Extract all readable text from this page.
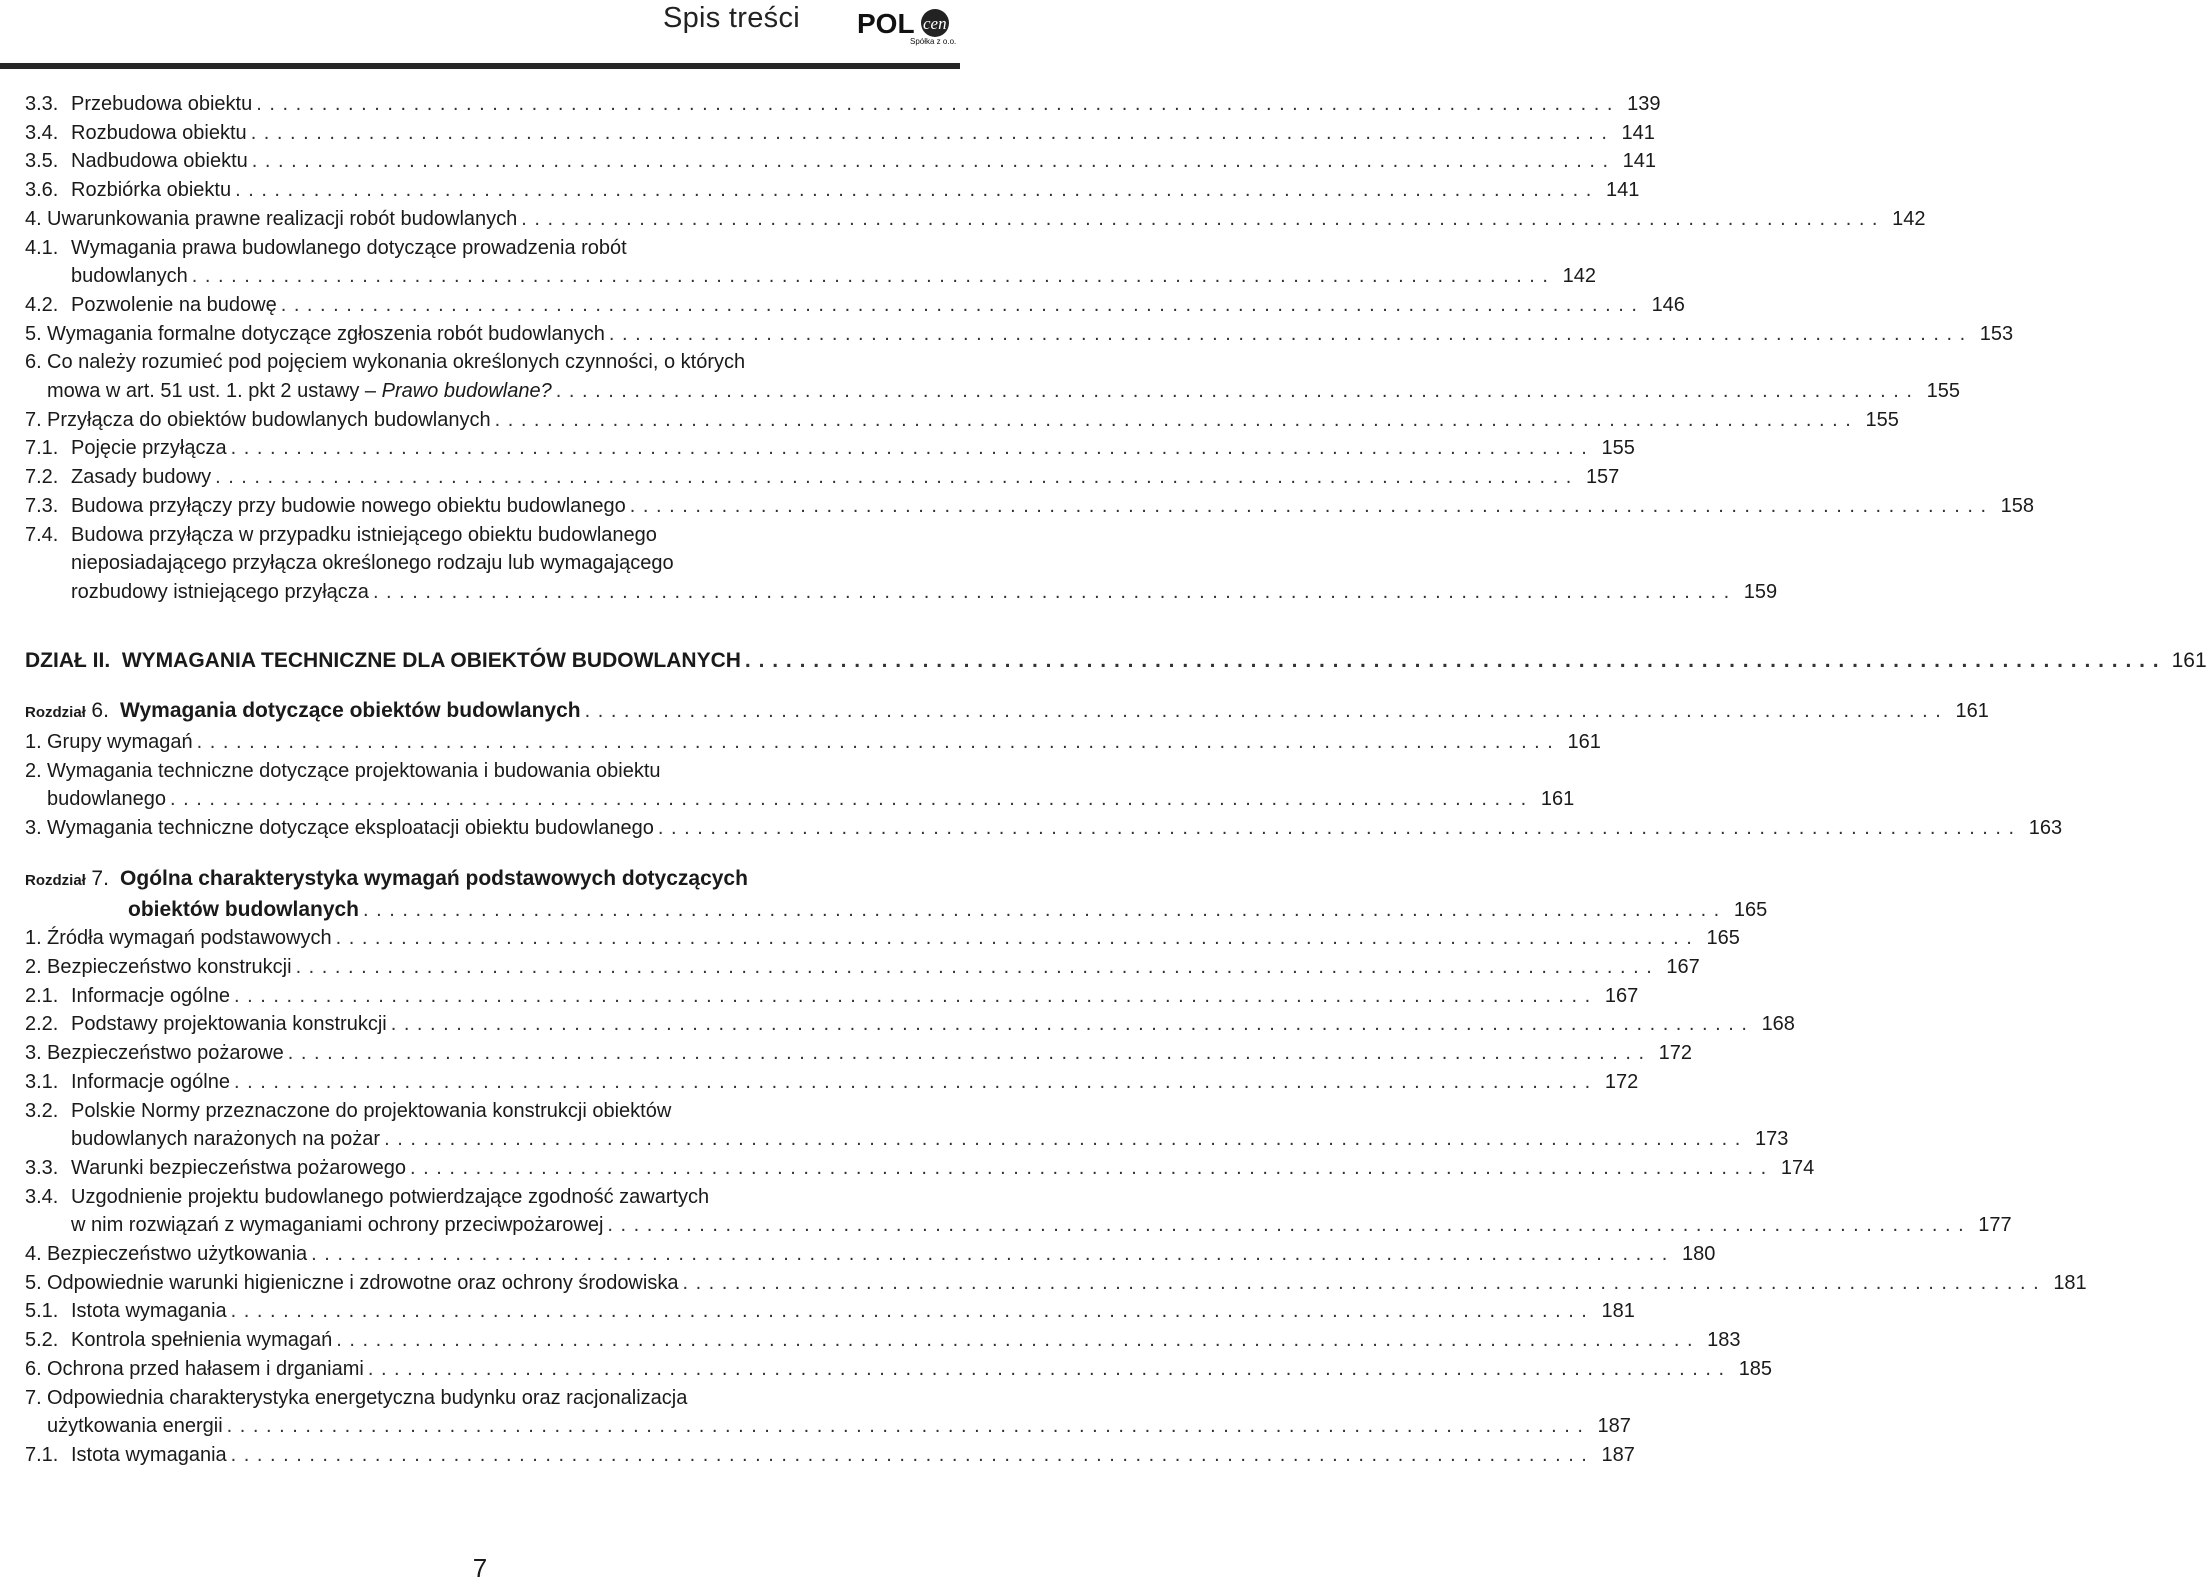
Spis treści POL cen
Spółka z o.o.
3.3. Przebudowa obiektu . . .	139
3.4. Rozbudowa obiektu . . .	141
3.5. Nadbudowa obiektu . . .	141
3.6. Rozbiórka obiektu . . .	141
4. Uwarunkowania prawne realizacji robót budowlanych . . .	142
4.1. Wymagania prawa budowlanego dotyczące prowadzenia robót
budowlanych . . .	142
4.2. Pozwolenie na budowę . . .	146
5. Wymagania formalne dotyczące zgłoszenia robót budowlanych . . .	153
6. Co należy rozumieć pod pojęciem wykonania określonych czynności, o których
mowa w art. 51 ust. 1. pkt 2 ustawy –
Prawo budowlane? . . .	155
7. Przyłącza do obiektów budowlanych budowlanych . . .	155
7.1. Pojęcie przyłącza . . .	155
7.2. Zasady budowy . . .	157
7.3. Budowa przyłączy przy budowie nowego obiektu budowlanego . . .	158
7.4. Budowa przyłącza w przypadku istniejącego obiektu budowlanego
nieposiadającego przyłącza określonego rodzaju lub wymagającego
rozbudowy istniejącego przyłącza . . .	159
DZIAŁ II.
WYMAGANIA TECHNICZNE DLA OBIEKTÓW BUDOWLANYCH . . .	161
Rozdział
6.
Wymagania dotyczące obiektów budowlanych . . .	161
1. Grupy wymagań . . .	161
2. Wymagania techniczne dotyczące projektowania i budowania obiektu
budowlanego . . .	161
3. Wymagania techniczne dotyczące eksploatacji obiektu budowlanego . . .	163
Rozdział
7.
Ogólna charakterystyka wymagań podstawowych dotyczących
obiektów budowlanych . . .	165
1. Źródła wymagań podstawowych . . .	165
2. Bezpieczeństwo konstrukcji . . .	167
2.1. Informacje ogólne . . .	167
2.2. Podstawy projektowania konstrukcji . . .	168
3. Bezpieczeństwo pożarowe . . .	172
3.1. Informacje ogólne . . .	172
3.2. Polskie Normy przeznaczone do projektowania konstrukcji obiektów
budowlanych narażonych na pożar . . .	173
3.3. Warunki bezpieczeństwa pożarowego . . .	174
3.4. Uzgodnienie projektu budowlanego potwierdzające zgodność zawartych
w nim rozwiązań z wymaganiami ochrony przeciwpożarowej . . .	177
4. Bezpieczeństwo użytkowania . . .	180
5. Odpowiednie warunki higieniczne i zdrowotne oraz ochrony środowiska . . .	181
5.1. Istota wymagania . . .	181
5.2. Kontrola spełnienia wymagań . . .	183
6. Ochrona przed hałasem i drganiami . . .	185
7. Odpowiednia charakterystyka energetyczna budynku oraz racjonalizacja
użytkowania energii . . .	187
7.1. Istota wymagania . . .	187
7
